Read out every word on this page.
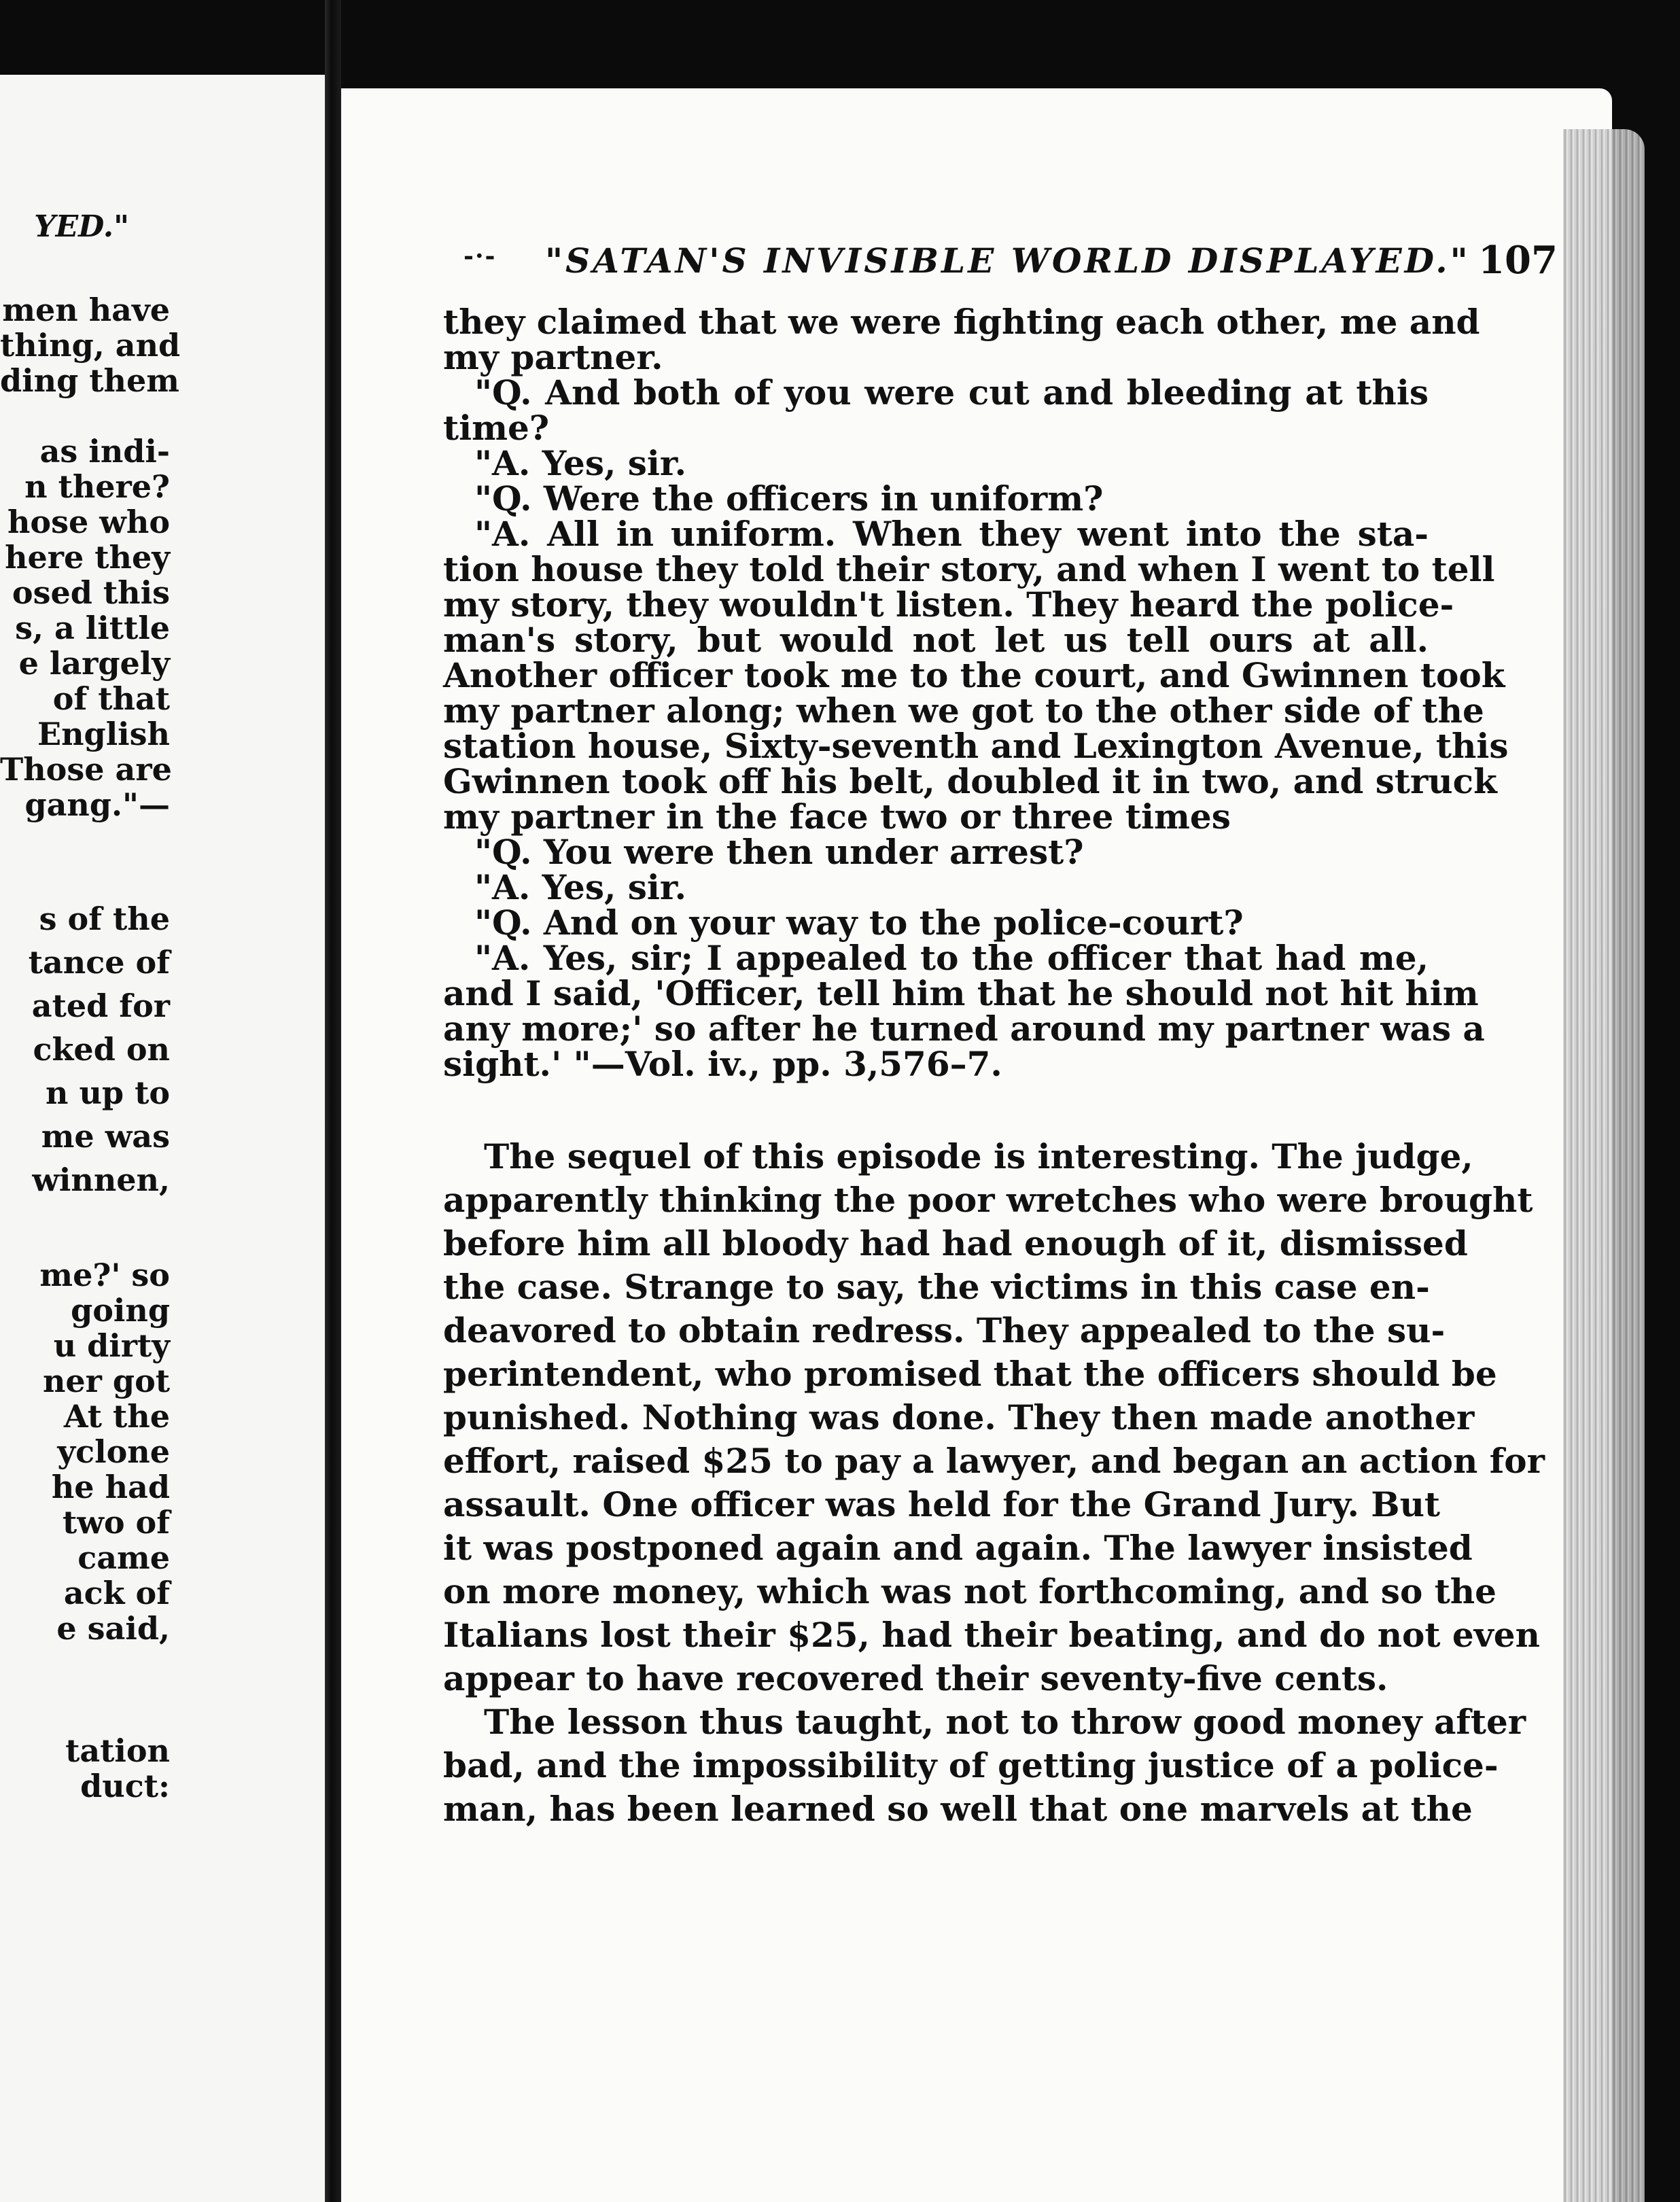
YED."
men have
thing, and
ding them
as indi-
n there?
hose who
here they
osed this
s, a little
e largely
of that
English
Those are
gang."—
s of the
tance of
ated for
cked on
n up to
me was
winnen,
me?' so
going
u dirty
ner got
At the
yclone
he had
two of
came
ack of
e said,
tation
duct:
-·- "SATAN'S INVISIBLE WORLD DISPLAYED." 107
they claimed that we were fighting each other, me and
my partner.
"Q. And both of you were cut and bleeding at this
time?
"A. Yes, sir.
"Q. Were the officers in uniform?
"A. All in uniform. When they went into the sta-
tion house they told their story, and when I went to tell
my story, they wouldn't listen. They heard the police-
man's story, but would not let us tell ours at all.
Another officer took me to the court, and Gwinnen took
my partner along; when we got to the other side of the
station house, Sixty-seventh and Lexington Avenue, this
Gwinnen took off his belt, doubled it in two, and struck
my partner in the face two or three times
"Q. You were then under arrest?
"A. Yes, sir.
"Q. And on your way to the police-court?
"A. Yes, sir; I appealed to the officer that had me,
and I said, 'Officer, tell him that he should not hit him
any more;' so after he turned around my partner was a
sight.' "—Vol. iv., pp. 3,576–7.
The sequel of this episode is interesting. The judge,
apparently thinking the poor wretches who were brought
before him all bloody had had enough of it, dismissed
the case. Strange to say, the victims in this case en-
deavored to obtain redress. They appealed to the su-
perintendent, who promised that the officers should be
punished. Nothing was done. They then made another
effort, raised $25 to pay a lawyer, and began an action for
assault. One officer was held for the Grand Jury. But
it was postponed again and again. The lawyer insisted
on more money, which was not forthcoming, and so the
Italians lost their $25, had their beating, and do not even
appear to have recovered their seventy-five cents.
The lesson thus taught, not to throw good money after
bad, and the impossibility of getting justice of a police-
man, has been learned so well that one marvels at the
